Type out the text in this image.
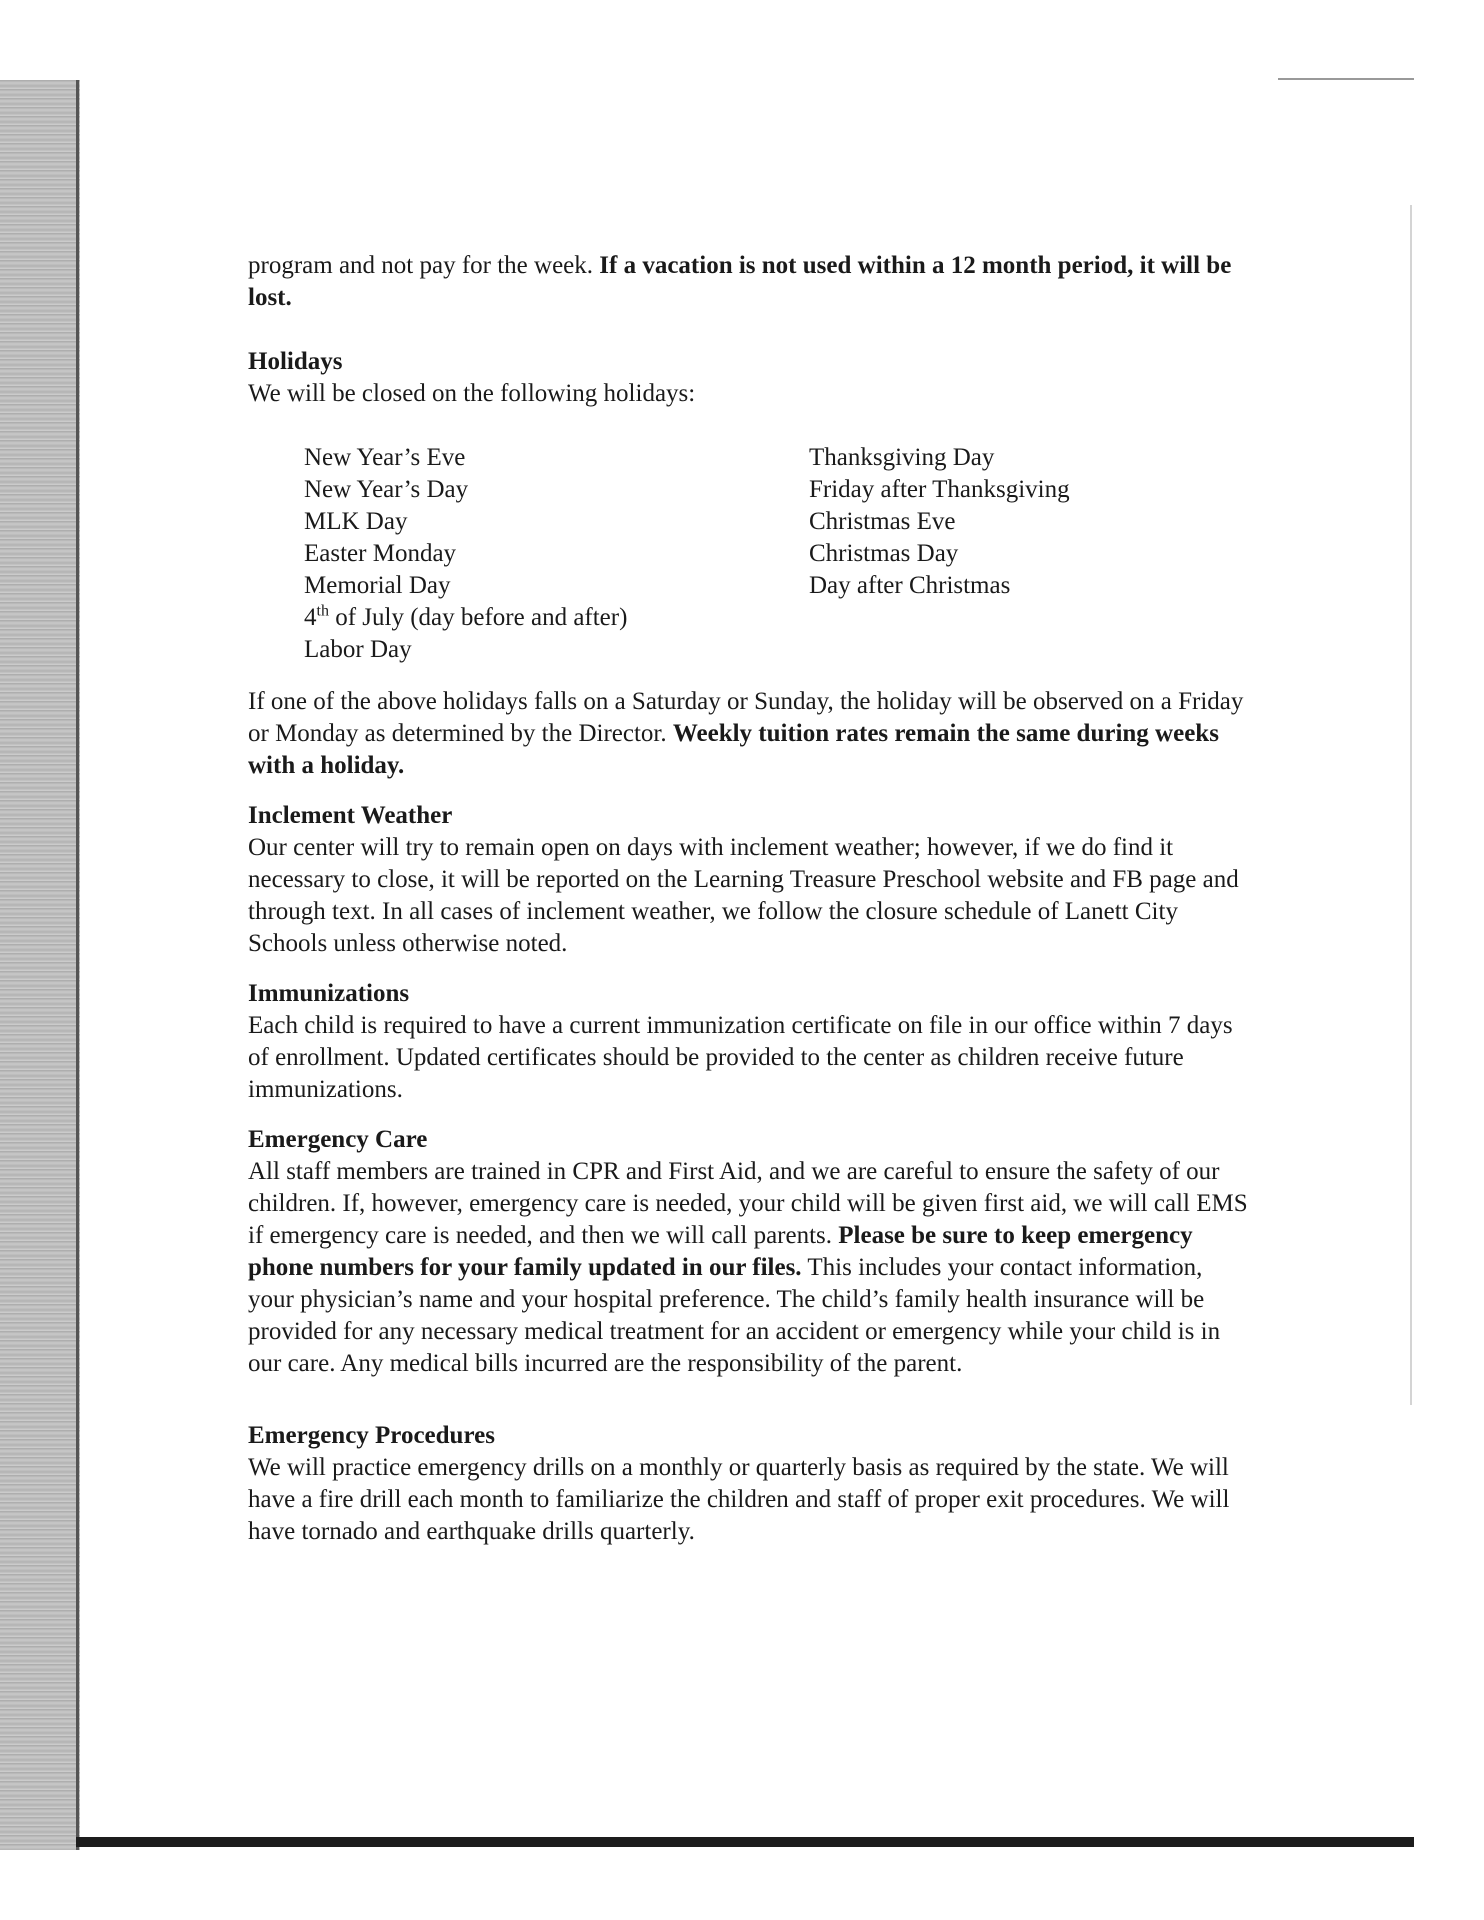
program and not pay for the week. If a vacation is not used within a 12 month period, it will be lost.

Holidays

We will be closed on the following holidays:

New Year’s Eve
New Year’s Day
MLK Day
Easter Monday
Memorial Day
4th of July (day before and after)
Labor Day
Thanksgiving Day
Friday after Thanksgiving
Christmas Eve
Christmas Day
Day after Christmas

If one of the above holidays falls on a Saturday or Sunday, the holiday will be observed on a Friday or Monday as determined by the Director. Weekly tuition rates remain the same during weeks with a holiday.

Inclement Weather

Our center will try to remain open on days with inclement weather; however, if we do find it necessary to close, it will be reported on the Learning Treasure Preschool website and FB page and through text. In all cases of inclement weather, we follow the closure schedule of Lanett City Schools unless otherwise noted.

Immunizations

Each child is required to have a current immunization certificate on file in our office within 7 days of enrollment. Updated certificates should be provided to the center as children receive future immunizations.

Emergency Care

All staff members are trained in CPR and First Aid, and we are careful to ensure the safety of our children. If, however, emergency care is needed, your child will be given first aid, we will call EMS if emergency care is needed, and then we will call parents. Please be sure to keep emergency phone numbers for your family updated in our files. This includes your contact information, your physician’s name and your hospital preference. The child’s family health insurance will be provided for any necessary medical treatment for an accident or emergency while your child is in our care. Any medical bills incurred are the responsibility of the parent.

Emergency Procedures

We will practice emergency drills on a monthly or quarterly basis as required by the state. We will have a fire drill each month to familiarize the children and staff of proper exit procedures. We will have tornado and earthquake drills quarterly.
